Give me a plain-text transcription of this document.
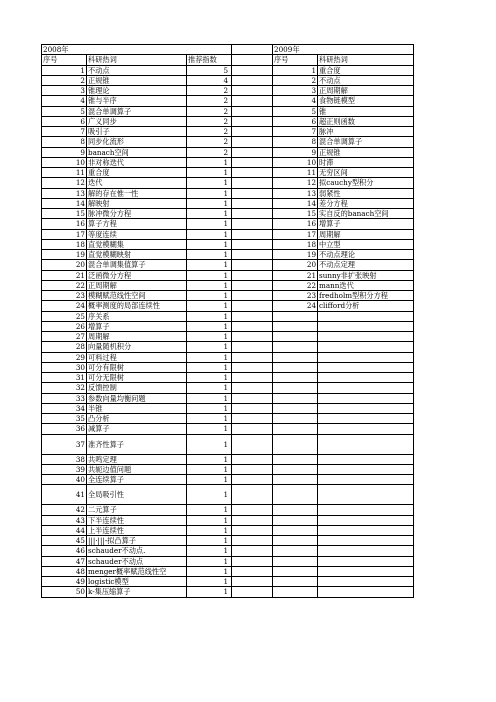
2008年				2009年	
序号	科研热词	推荐指数		序号	科研热词
1	不动点	5		1	重合度
2	正规锥	4		2	不动点
3	锥理论	2		3	正周期解
4	锥与半序	2		4	食物链模型
5	混合单调算子	2		5	锥
6	广义同步	2		6	超正则函数
7	吸引子	2		7	脉冲
8	同步化流形	2		8	混合单调算子
9	banach空间	2		9	正规锥
10	非对称迭代	1		10	时滞
11	重合度	1		11	无穷区间
12	迭代	1		12	拟cauchy型积分
13	解的存在惟一性	1		13	弱紧性
14	解映射	1		14	差分方程
15	脉冲微分方程	1		15	实自反的banach空间
16	算子方程	1		16	增算子
17	等度连续	1		17	周期解
18	直觉模糊集	1		18	中立型
19	直觉模糊映射	1		19	不动点理论
20	混合单调集值算子	1		20	不动点定理
21	泛函微分方程	1		21	sunny非扩张映射
22	正周期解	1		22	mann迭代
23	模糊赋范线性空间	1		23	fredholm型积分方程
24	概率测度的局部连续性	1		24	clifford分析
25	序关系	1			
26	增算子	1			
27	周期解	1			
28	向量随机积分	1			
29	可料过程	1			
30	可分有限树	1			
31	可分无限树	1			
32	反馈控制	1			
33	参数向量均衡问题	1			
34	半锥	1			
35	凸分析	1			
36	减算子	1			
37	准齐性算子	1			
38	共鸣定理	1			
39	共轭边值问题	1			
40	全连续算子	1			
41	全局吸引性	1			
42	二元算子	1			
43	下半连续性	1			
44	上半连续性	1			
45	|||·|||-拟凸算子	1			
46	schauder不动点.	1			
47	schauder不动点	1			
48	menger概率赋范线性空	1			
49	logistic模型	1			
50	k-集压缩算子	1			
